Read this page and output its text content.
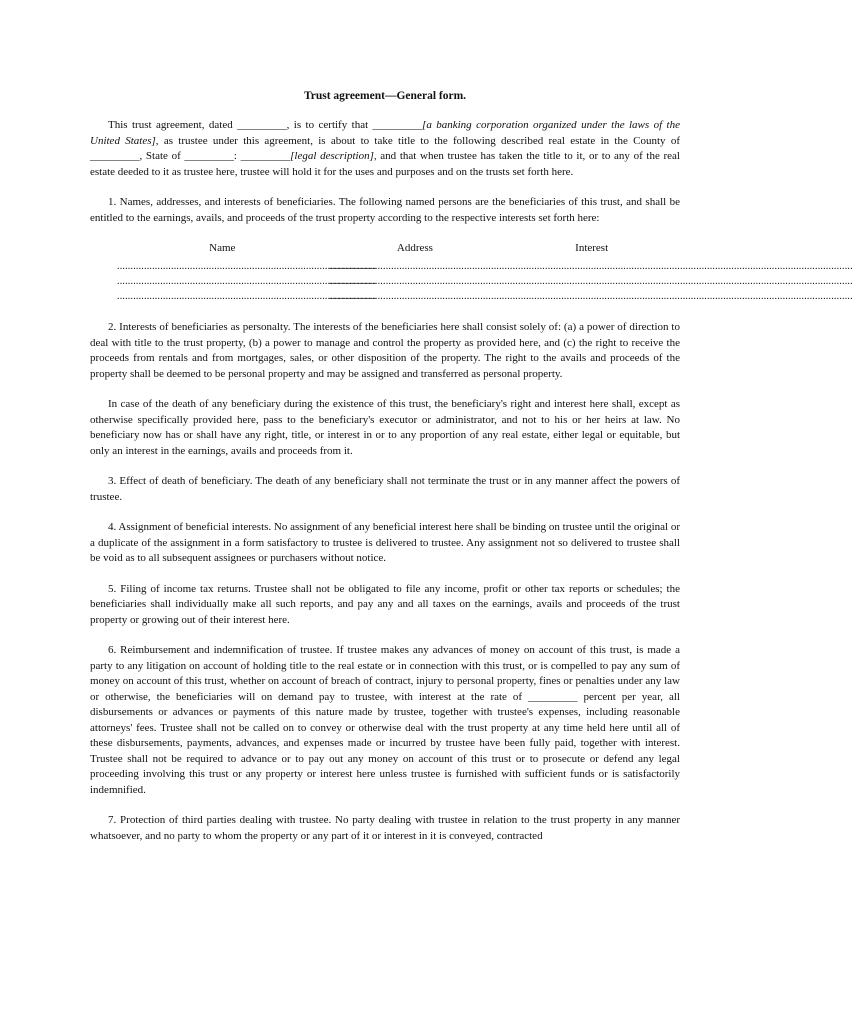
Trust agreement—General form.

This trust agreement, dated _________, is to certify that _________[a banking corporation organized under the laws of the United States], as trustee under this agreement, is about to take title to the following described real estate in the County of _________, State of _________: _________[legal description], and that when trustee has taken the title to it, or to any of the real estate deeded to it as trustee here, trustee will hold it for the uses and purposes and on the trusts set forth here.

1. Names, addresses, and interests of beneficiaries. The following named persons are the beneficiaries of this trust, and shall be entitled to the earnings, avails, and proceeds of the trust property according to the respective interests set forth here:

Name	Address	Interest
................................................................................................
..................................................................................................................................................................................................
................................................................................................
..................................................................................................................................................................................................
................................................................................................
..................................................................................................................................................................................................

2. Interests of beneficiaries as personalty. The interests of the beneficiaries here shall consist solely of: (a) a power of direction to deal with title to the trust property, (b) a power to manage and control the property as provided here, and (c) the right to receive the proceeds from rentals and from mortgages, sales, or other disposition of the property. The right to the avails and proceeds of the property shall be deemed to be personal property and may be assigned and transferred as personal property.

In case of the death of any beneficiary during the existence of this trust, the beneficiary's right and interest here shall, except as otherwise specifically provided here, pass to the beneficiary's executor or administrator, and not to his or her heirs at law. No beneficiary now has or shall have any right, title, or interest in or to any proportion of any real estate, either legal or equitable, but only an interest in the earnings, avails and proceeds from it.

3. Effect of death of beneficiary. The death of any beneficiary shall not terminate the trust or in any manner affect the powers of trustee.

4. Assignment of beneficial interests. No assignment of any beneficial interest here shall be binding on trustee until the original or a duplicate of the assignment in a form satisfactory to trustee is delivered to trustee. Any assignment not so delivered to trustee shall be void as to all subsequent assignees or purchasers without notice.

5. Filing of income tax returns. Trustee shall not be obligated to file any income, profit or other tax reports or schedules; the beneficiaries shall individually make all such reports, and pay any and all taxes on the earnings, avails and proceeds of the trust property or growing out of their interest here.

6. Reimbursement and indemnification of trustee. If trustee makes any advances of money on account of this trust, is made a party to any litigation on account of holding title to the real estate or in connection with this trust, or is compelled to pay any sum of money on account of this trust, whether on account of breach of contract, injury to personal property, fines or penalties under any law or otherwise, the beneficiaries will on demand pay to trustee, with interest at the rate of _________ percent per year, all disbursements or advances or payments of this nature made by trustee, together with trustee's expenses, including reasonable attorneys' fees. Trustee shall not be called on to convey or otherwise deal with the trust property at any time held here until all of these disbursements, payments, advances, and expenses made or incurred by trustee have been fully paid, together with interest. Trustee shall not be required to advance or to pay out any money on account of this trust or to prosecute or defend any legal proceeding involving this trust or any property or interest here unless trustee is furnished with sufficient funds or is satisfactorily indemnified.

7. Protection of third parties dealing with trustee. No party dealing with trustee in relation to the trust property in any manner whatsoever, and no party to whom the property or any part of it or interest in it is conveyed, contracted
